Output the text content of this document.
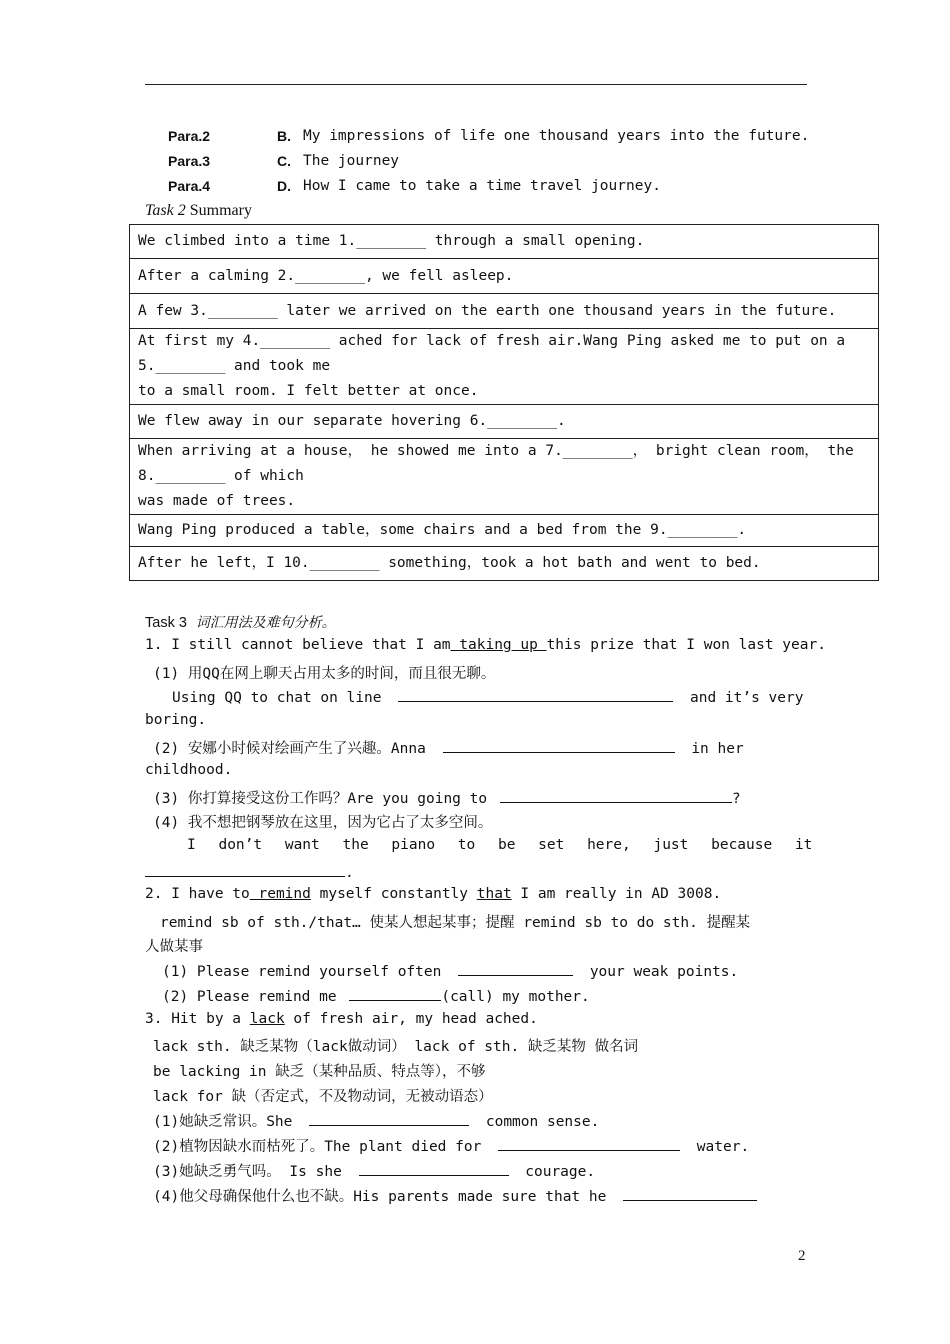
Para.2	B. My impressions of life one thousand years into the future.
Para.3	C. The journey
Para.4	D. How I came to take a time travel journey.
Task 2 Summary
We climbed into a time 1.________ through a small opening.
After a calming 2.________, we fell asleep.
A few 3.________ later we arrived on the earth one thousand years in the future.

At first my 4.________ ached for lack of fresh air.Wang Ping asked me to put on a
5.________ and took me
to a small room. I felt better at once.

We flew away in our separate hovering 6.________.

When arriving at a house， he showed me into a 7.________， bright clean room， the
8.________ of which
was made of trees.

Wang Ping produced a table，some chairs and a bed from the 9.________.
After he left，I 10.________ something，took a hot bath and went to bed.
Task 3 词汇用法及难句分析。
1. I still cannot believe that I am taking up this prize that I won last year.
(1) 用QQ在网上聊天占用太多的时间，而且很无聊。
Using QQ to chat on line	and it’s very
boring.
(2) 安娜小时候对绘画产生了兴趣。Anna	in her
childhood.
(3) 你打算接受这份工作吗？Are you going to	?
(4) 我不想把钢琴放在这里，因为它占了太多空间。
I don’t want the piano to be set here, just because it
.
2. I have to remind myself constantly that I am really in AD 3008.
remind sb of sth./that… 使某人想起某事；提醒 remind sb to do sth. 提醒某
人做某事
(1) Please remind yourself often	your weak points.
(2) Please remind me	(call) my mother.
3. Hit by a lack of fresh air, my head ached.
lack sth. 缺乏某物（lack做动词） lack of sth. 缺乏某物 做名词
be lacking in 缺乏（某种品质、特点等），不够
lack for 缺（否定式，不及物动词，无被动语态）
(1)她缺乏常识。She	common sense.
(2)植物因缺水而枯死了。The plant died for	water.
(3)她缺乏勇气吗。 Is she	courage.
(4)他父母确保他什么也不缺。His parents made sure that he
2
